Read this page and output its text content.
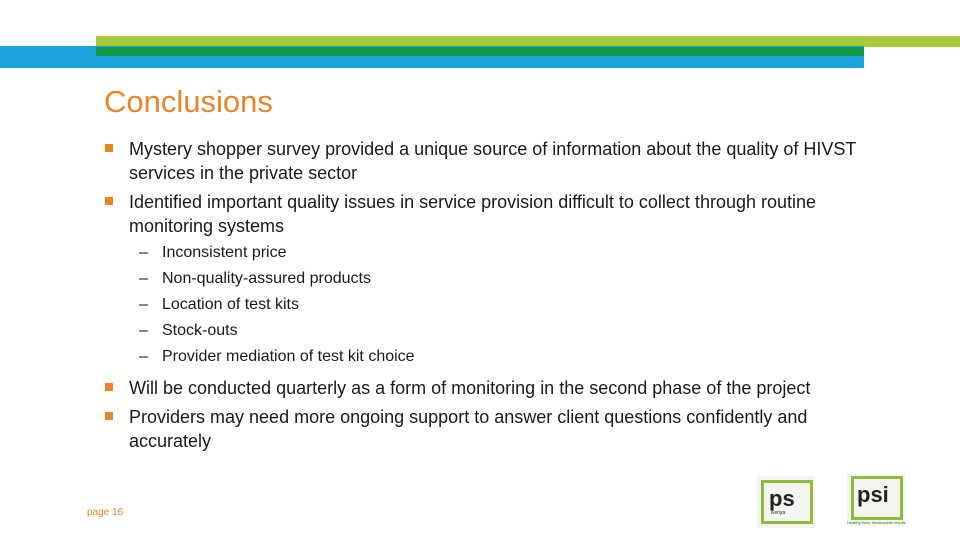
Conclusions
Mystery shopper survey provided a unique source of information about the quality of HIVST services in the private sector
Identified important quality issues in service provision difficult to collect through routine monitoring systems
– Inconsistent price
– Non-quality-assured products
– Location of test kits
– Stock-outs
– Provider mediation of test kit choice
Will be conducted quarterly as a form of monitoring in the second phase of the project
Providers may need more ongoing support to answer client questions confidently and accurately
page 16
ps
Kenya
psi
Healthy lives. Measurable results
